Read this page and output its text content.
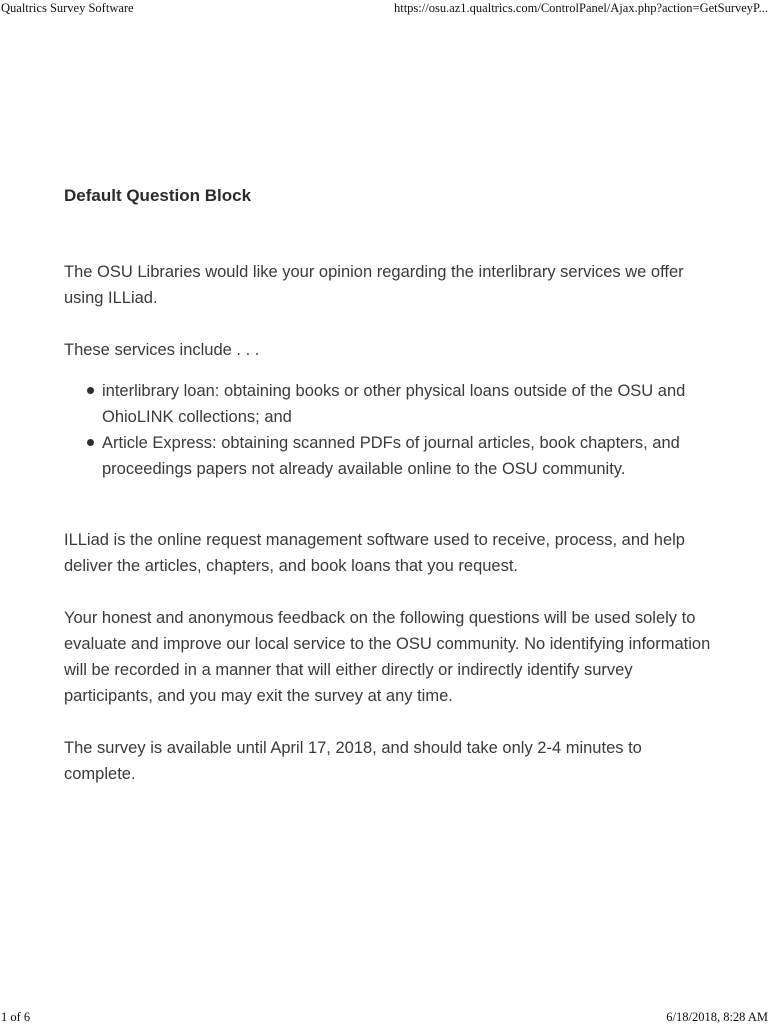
Qualtrics Survey Software	https://osu.az1.qualtrics.com/ControlPanel/Ajax.php?action=GetSurveyP...
Default Question Block

The OSU Libraries would like your opinion regarding the interlibrary services we offer using ILLiad.

These services include . . .

interlibrary loan: obtaining books or other physical loans outside of the OSU and OhioLINK collections; and
Article Express: obtaining scanned PDFs of journal articles, book chapters, and proceedings papers not already available online to the OSU community.

ILLiad is the online request management software used to receive, process, and help deliver the articles, chapters, and book loans that you request.

Your honest and anonymous feedback on the following questions will be used solely to evaluate and improve our local service to the OSU community. No identifying information will be recorded in a manner that will either directly or indirectly identify survey participants, and you may exit the survey at any time.

The survey is available until April 17, 2018, and should take only 2-4 minutes to complete.

1 of 6	6/18/2018, 8:28 AM
